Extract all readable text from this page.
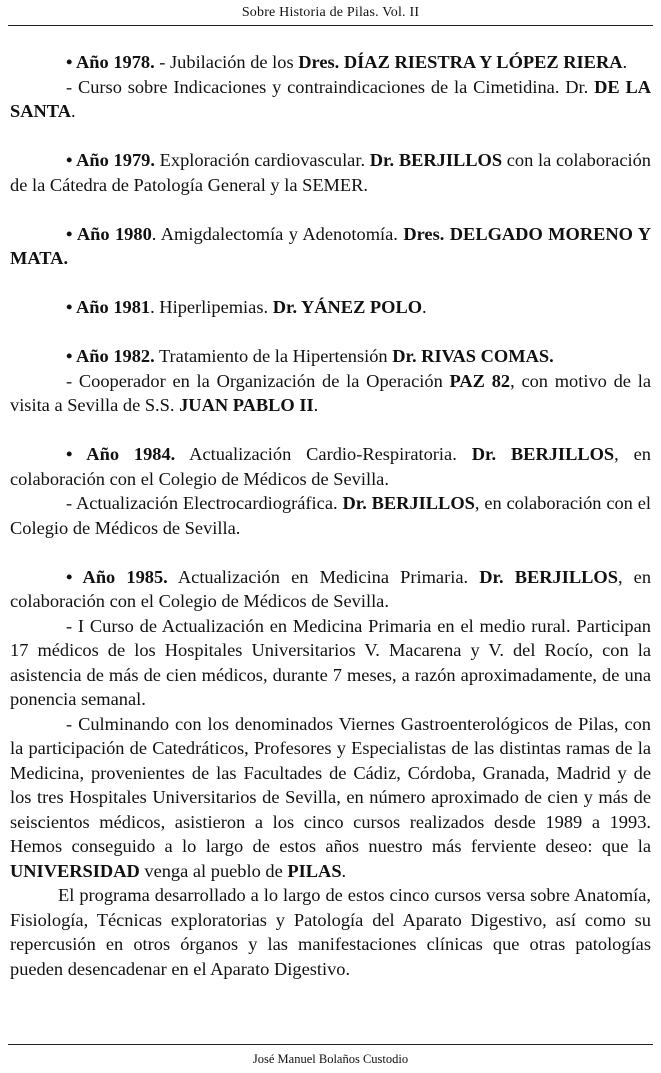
Sobre Historia de Pilas. Vol. II

• Año 1978. - Jubilación de los Dres. DÍAZ RIESTRA Y LÓPEZ RIERA.

- Curso sobre Indicaciones y contraindicaciones de la Cimetidina. Dr. DE LA SANTA.

• Año 1979. Exploración cardiovascular. Dr. BERJILLOS con la colaboración de la Cátedra de Patología General y la SEMER.

• Año 1980. Amigdalectomía y Adenotomía. Dres. DELGADO MORENO Y MATA.

• Año 1981. Hiperlipemias. Dr. YÁNEZ POLO.

• Año 1982. Tratamiento de la Hipertensión Dr. RIVAS COMAS.

- Cooperador en la Organización de la Operación PAZ 82, con motivo de la visita a Sevilla de S.S. JUAN PABLO II.

• Año 1984. Actualización Cardio-Respiratoria. Dr. BERJILLOS, en colaboración con el Colegio de Médicos de Sevilla.

- Actualización Electrocardiográfica. Dr. BERJILLOS, en colaboración con el Colegio de Médicos de Sevilla.

• Año 1985. Actualización en Medicina Primaria. Dr. BERJILLOS, en colaboración con el Colegio de Médicos de Sevilla.

- I Curso de Actualización en Medicina Primaria en el medio rural. Participan 17 médicos de los Hospitales Universitarios V. Macarena y V. del Rocío, con la asistencia de más de cien médicos, durante 7 meses, a razón aproximadamente, de una ponencia semanal.

- Culminando con los denominados Viernes Gastroenterológicos de Pilas, con la participación de Catedráticos, Profesores y Especialistas de las distintas ramas de la Medicina, provenientes de las Facultades de Cádiz, Córdoba, Granada, Madrid y de los tres Hospitales Universitarios de Sevilla, en número aproximado de cien y más de seiscientos médicos, asistieron a los cinco cursos realizados desde 1989 a 1993. Hemos conseguido a lo largo de estos años nuestro más ferviente deseo: que la UNIVERSIDAD venga al pueblo de PILAS.

El programa desarrollado a lo largo de estos cinco cursos versa sobre Anatomía, Fisiología, Técnicas exploratorias y Patología del Aparato Digestivo, así como su repercusión en otros órganos y las manifestaciones clínicas que otras patologías pueden desencadenar en el Aparato Digestivo.

José Manuel Bolaños Custodio
